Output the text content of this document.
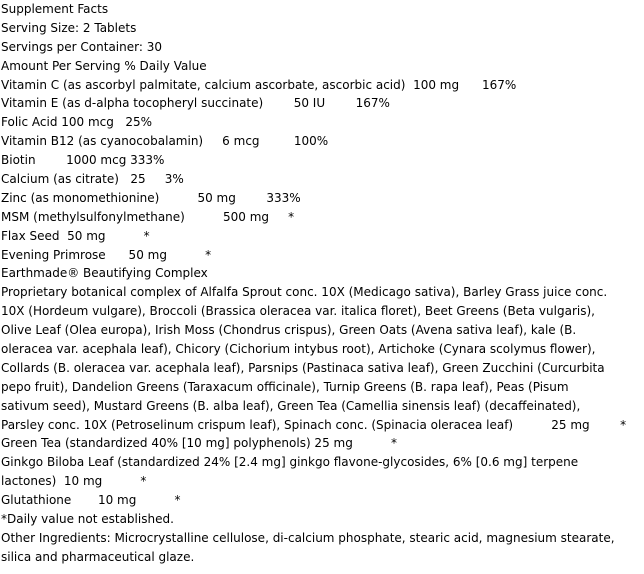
Supplement Facts
Serving Size: 2 Tablets
Servings per Container: 30
Amount Per Serving % Daily Value
Vitamin C (as ascorbyl palmitate, calcium ascorbate, ascorbic acid)  100 mg      167%
Vitamin E (as d-alpha tocopheryl succinate)        50 IU        167%
Folic Acid 100 mcg   25%
Vitamin B12 (as cyanocobalamin)     6 mcg         100%
Biotin        1000 mcg 333%
Calcium (as citrate)   25     3%
Zinc (as monomethionine)          50 mg        333%
MSM (methylsulfonylmethane)          500 mg     *
Flax Seed  50 mg          *
Evening Primrose      50 mg          *
Earthmade® Beautifying Complex
Proprietary botanical complex of Alfalfa Sprout conc. 10X (Medicago sativa), Barley Grass juice conc.
10X (Hordeum vulgare), Broccoli (Brassica oleracea var. italica floret), Beet Greens (Beta vulgaris),
Olive Leaf (Olea europa), Irish Moss (Chondrus crispus), Green Oats (Avena sativa leaf), kale (B.
oleracea var. acephala leaf), Chicory (Cichorium intybus root), Artichoke (Cynara scolymus flower),
Collards (B. oleracea var. acephala leaf), Parsnips (Pastinaca sativa leaf), Green Zucchini (Curcurbita
pepo fruit), Dandelion Greens (Taraxacum officinale), Turnip Greens (B. rapa leaf), Peas (Pisum
sativum seed), Mustard Greens (B. alba leaf), Green Tea (Camellia sinensis leaf) (decaffeinated),
Parsley conc. 10X (Petroselinum crispum leaf), Spinach conc. (Spinacia oleracea leaf)          25 mg        *
Green Tea (standardized 40% [10 mg] polyphenols) 25 mg          *
Ginkgo Biloba Leaf (standardized 24% [2.4 mg] ginkgo flavone-glycosides, 6% [0.6 mg] terpene
lactones)  10 mg          *
Glutathione       10 mg          *
*Daily value not established.
Other Ingredients: Microcrystalline cellulose, di-calcium phosphate, stearic acid, magnesium stearate,
silica and pharmaceutical glaze.
